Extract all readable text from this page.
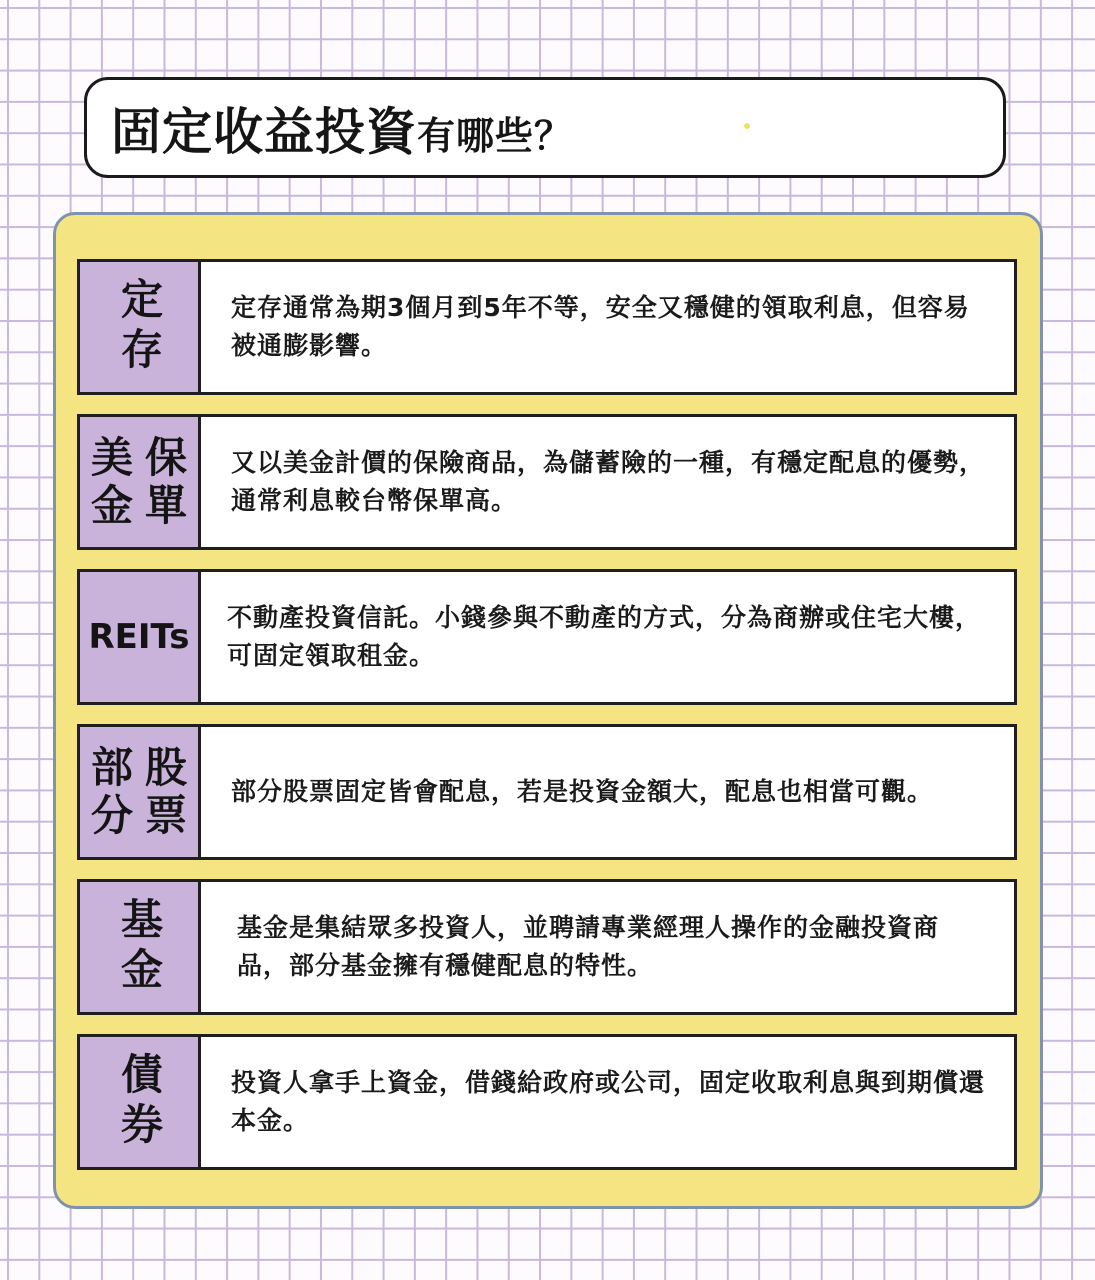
固定收益投資有哪些？
定存
定存通常為期3個月到5年不等，安全又穩健的領取利息，但容易被通膨影響。
保
美
單
金
又以美金計價的保險商品，為儲蓄險的一種，有穩定配息的優勢，通常利息較台幣保單高。
REITs 不動產投資信託。小錢參與不動產的方式，分為商辦或住宅大樓，可固定領取租金。
部 股
分 票 部分股票固定皆會配息，若是投資金額大，配息也相當可觀。
基金
基金是集結眾多投資人，並聘請專業經理人操作的金融投資商品，部分基金擁有穩健配息的特性。
債券
投資人拿手上資金，借錢給政府或公司，固定收取利息與到期償還本金。
